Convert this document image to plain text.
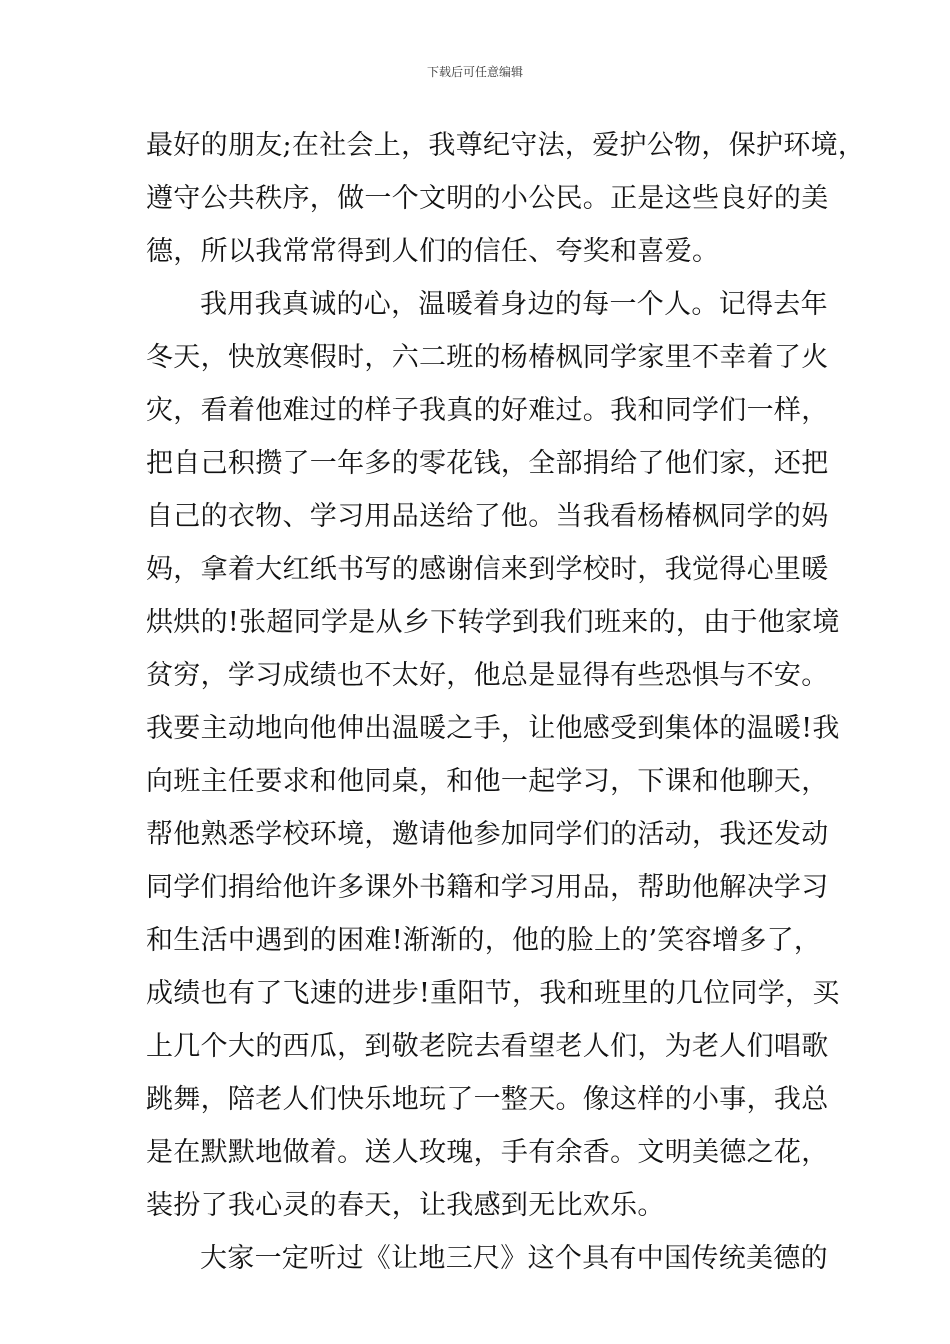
下载后可任意编辑
最好的朋友;在社会上，我尊纪守法，爱护公物，保护环境，
遵守公共秩序，做一个文明的小公民。正是这些良好的美
德，所以我常常得到人们的信任、夸奖和喜爱。
我用我真诚的心，温暖着身边的每一个人。记得去年
冬天，快放寒假时，六二班的杨椿枫同学家里不幸着了火
灾，看着他难过的样子我真的好难过。我和同学们一样，
把自己积攒了一年多的零花钱，全部捐给了他们家，还把
自己的衣物、学习用品送给了他。当我看杨椿枫同学的妈
妈，拿着大红纸书写的感谢信来到学校时，我觉得心里暖
烘烘的!张超同学是从乡下转学到我们班来的，由于他家境
贫穷，学习成绩也不太好，他总是显得有些恐惧与不安。
我要主动地向他伸出温暖之手，让他感受到集体的温暖!我
向班主任要求和他同桌，和他一起学习，下课和他聊天，
帮他熟悉学校环境，邀请他参加同学们的活动，我还发动
同学们捐给他许多课外书籍和学习用品，帮助他解决学习
和生活中遇到的困难!渐渐的，他的脸上的’笑容增多了，
成绩也有了飞速的进步!重阳节，我和班里的几位同学，买
上几个大的西瓜，到敬老院去看望老人们，为老人们唱歌
跳舞，陪老人们快乐地玩了一整天。像这样的小事，我总
是在默默地做着。送人玫瑰，手有余香。文明美德之花，
装扮了我心灵的春天，让我感到无比欢乐。
大家一定听过《让地三尺》这个具有中国传统美德的
